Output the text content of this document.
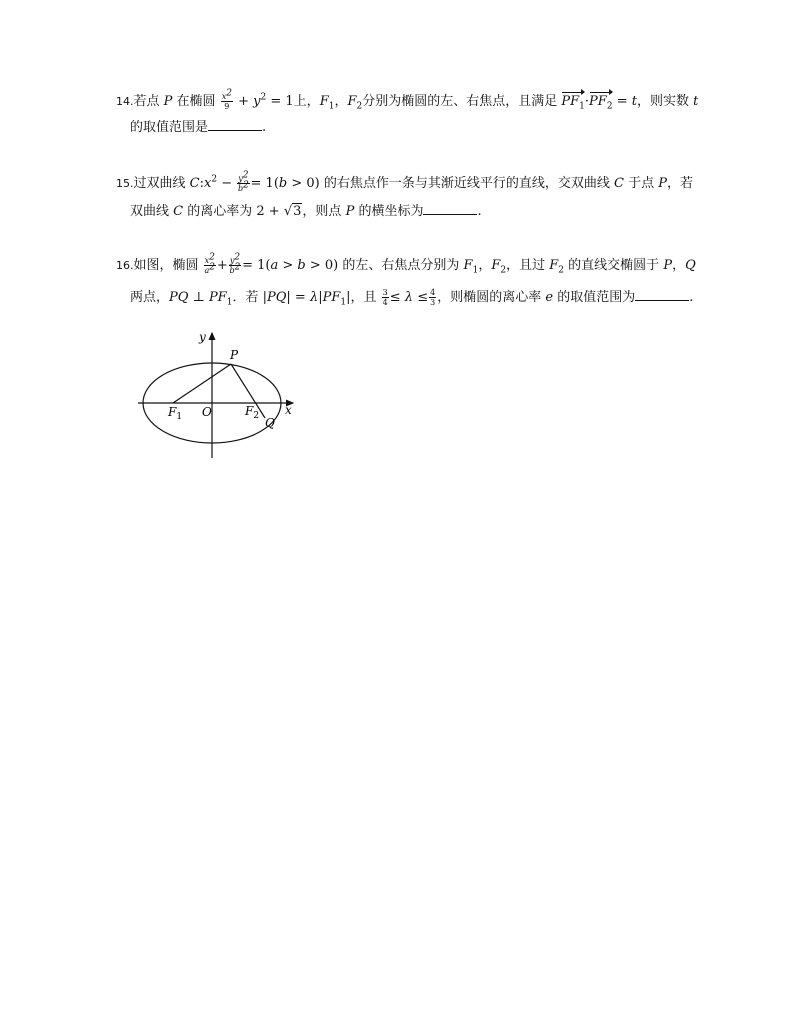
14.若点 P 在椭圆 $\frac{x^2}{9} + y^2 = 1$上，$F_1$，$F_2$分别为椭圆的左、右焦点，且满足 $PF_1\cdot PF_2 = t$，则实数 t
的取值范围是	.
15.过双曲线 $C:x^2 - \frac{y^2}{b^2} = 1(b > 0)$ 的右焦点作一条与其渐近线平行的直线，交双曲线 C 于点 P，若
双曲线 C 的离心率为 2 + √3，则点 P 的横坐标为	.
16.如图，椭圆 $\frac{x^2}{a^2} + \frac{y^2}{b^2} = 1(a > b > 0)$ 的左、右焦点分别为 $F_1$，$F_2$，且过 $F_2$ 的直线交椭圆于 P，Q
两点，PQ ⊥ $PF_1$．若 $|PQ| = \lambda|PF_1|$，且 $\frac{3}{4} \le \lambda \le \frac{4}{3}$ ，则椭圆的离心率 e 的取值范围为	.
y
x
P
O
$F_1$	$F_2$ Q
